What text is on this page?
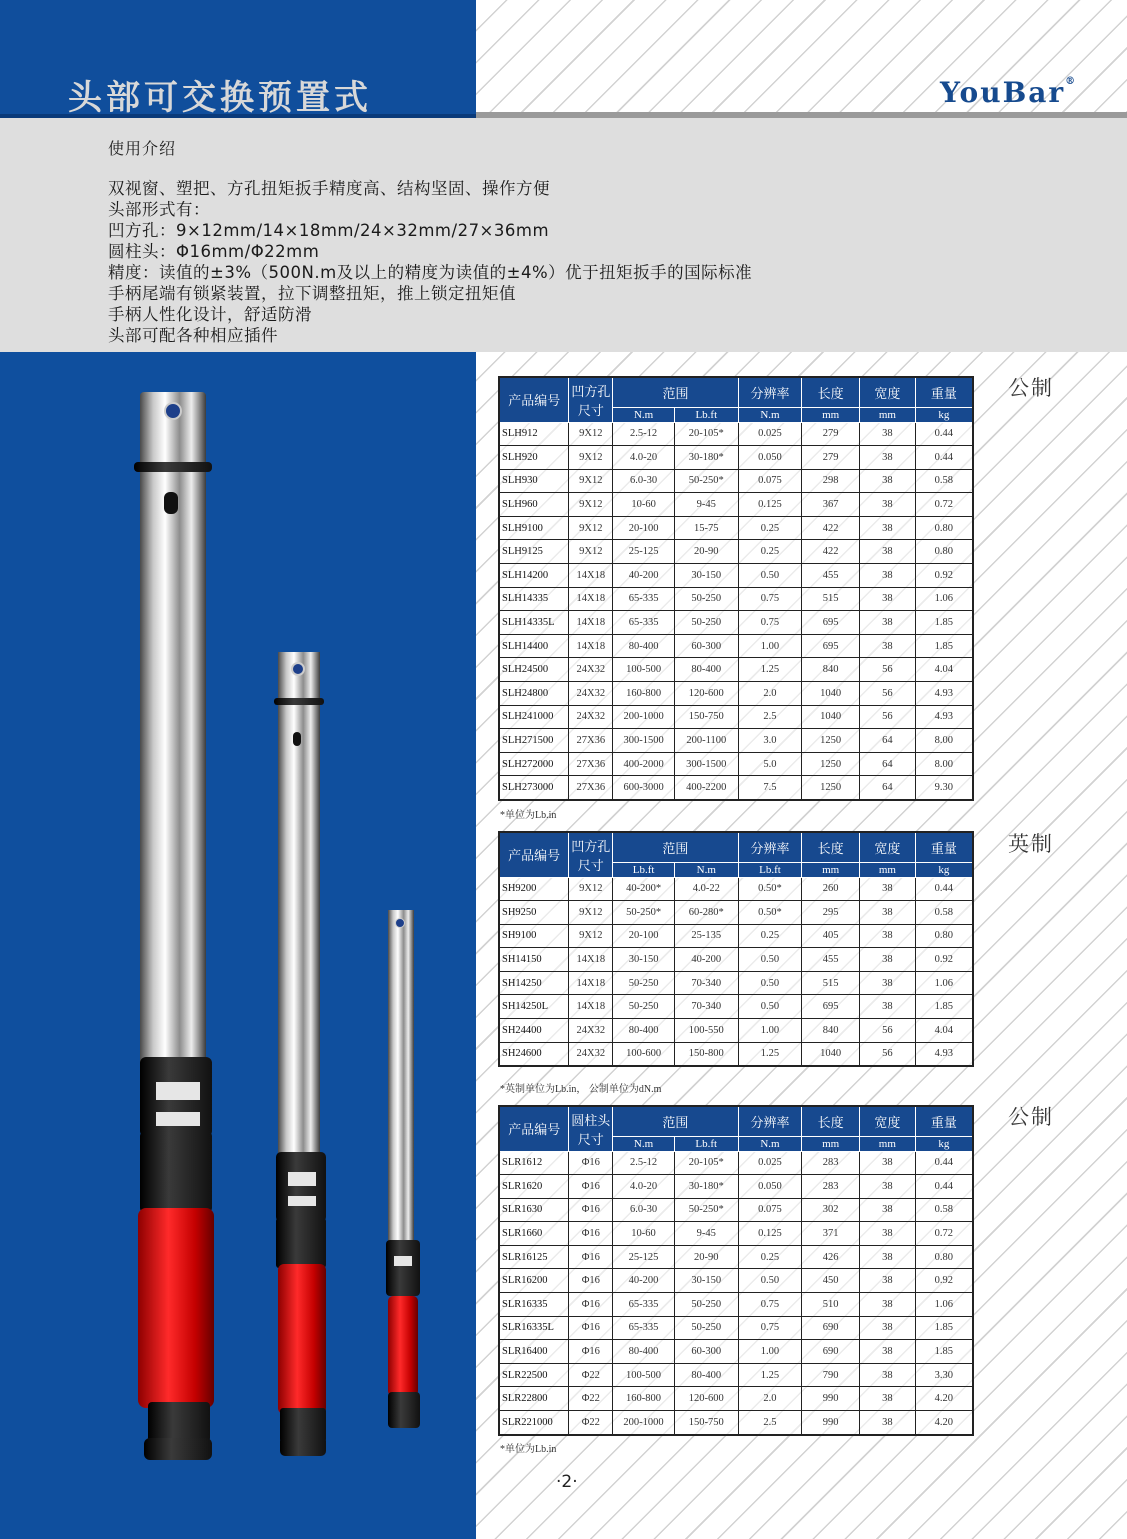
头部可交换预置式	YouBar®
使用介绍
双视窗、塑把、方孔扭矩扳手精度高、结构坚固、操作方便
头部形式有：
凹方孔：9×12mm/14×18mm/24×32mm/27×36mm
圆柱头：Φ16mm/Φ22mm
精度：读值的±3%（500N.m及以上的精度为读值的±4%）优于扭矩扳手的国际标准
手柄尾端有锁紧装置，拉下调整扭矩，推上锁定扭矩值
手柄人性化设计，舒适防滑
头部可配各种相应插件
公制
产品编号	凹方孔尺寸	范围		分辨率	长度	宽度	重量
		N.m	Lb.ft	N.m	mm	mm	kg
SLH912	9X12	2.5-12	20-105*	0.025	279	38	0.44
SLH920	9X12	4.0-20	30-180*	0.050	279	38	0.44
SLH930	9X12	6.0-30	50-250*	0.075	298	38	0.58
SLH960	9X12	10-60	9-45	0.125	367	38	0.72
SLH9100	9X12	20-100	15-75	0.25	422	38	0.80
SLH9125	9X12	25-125	20-90	0.25	422	38	0.80
SLH14200	14X18	40-200	30-150	0.50	455	38	0.92
SLH14335	14X18	65-335	50-250	0.75	515	38	1.06
SLH14335L	14X18	65-335	50-250	0.75	695	38	1.85
SLH14400	14X18	80-400	60-300	1.00	695	38	1.85
SLH24500	24X32	100-500	80-400	1.25	840	56	4.04
SLH24800	24X32	160-800	120-600	2.0	1040	56	4.93
SLH241000	24X32	200-1000	150-750	2.5	1040	56	4.93
SLH271500	27X36	300-1500	200-1100	3.0	1250	64	8.00
SLH272000	27X36	400-2000	300-1500	5.0	1250	64	8.00
SLH273000	27X36	600-3000	400-2200	7.5	1250	64	9.30
*单位为Lb.in
英制
产品编号	凹方孔尺寸	范围		分辨率	长度	宽度	重量
		Lb.ft	N.m	Lb.ft	mm	mm	kg
SH9200	9X12	40-200*	4.0-22	0.50*	260	38	0.44
SH9250	9X12	50-250*	60-280*	0.50*	295	38	0.58
SH9100	9X12	20-100	25-135	0.25	405	38	0.80
SH14150	14X18	30-150	40-200	0.50	455	38	0.92
SH14250	14X18	50-250	70-340	0.50	515	38	1.06
SH14250L	14X18	50-250	70-340	0.50	695	38	1.85
SH24400	24X32	80-400	100-550	1.00	840	56	4.04
SH24600	24X32	100-600	150-800	1.25	1040	56	4.93
*英制单位为Lb.in， 公制单位为dN.m
公制
产品编号	圆柱头尺寸	范围		分辨率	长度	宽度	重量
		N.m	Lb.ft	N.m	mm	mm	kg
SLR1612	Φ16	2.5-12	20-105*	0.025	283	38	0.44
SLR1620	Φ16	4.0-20	30-180*	0.050	283	38	0.44
SLR1630	Φ16	6.0-30	50-250*	0.075	302	38	0.58
SLR1660	Φ16	10-60	9-45	0.125	371	38	0.72
SLR16125	Φ16	25-125	20-90	0.25	426	38	0.80
SLR16200	Φ16	40-200	30-150	0.50	450	38	0.92
SLR16335	Φ16	65-335	50-250	0.75	510	38	1.06
SLR16335L	Φ16	65-335	50-250	0.75	690	38	1.85
SLR16400	Φ16	80-400	60-300	1.00	690	38	1.85
SLR22500	Φ22	100-500	80-400	1.25	790	38	3.30
SLR22800	Φ22	160-800	120-600	2.0	990	38	4.20
SLR221000	Φ22	200-1000	150-750	2.5	990	38	4.20
*单位为Lb.in
·2·
